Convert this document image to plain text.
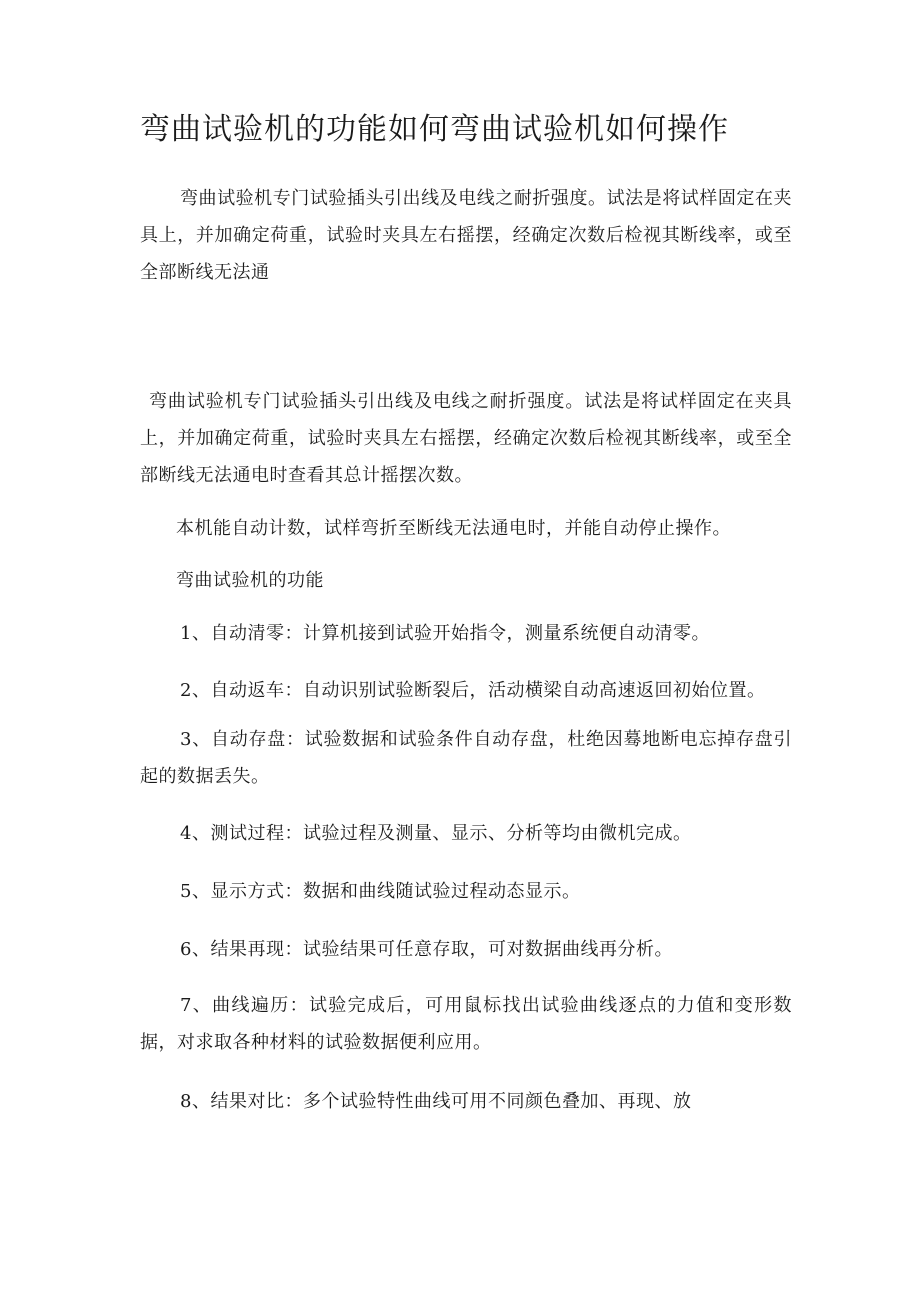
弯曲试验机的功能如何弯曲试验机如何操作

弯曲试验机专门试验插头引出线及电线之耐折强度。试法是将试样固定在夹具上，并加确定荷重，试验时夹具左右摇摆，经确定次数后检视其断线率，或至全部断线无法通

弯曲试验机专门试验插头引出线及电线之耐折强度。试法是将试样固定在夹具上，并加确定荷重，试验时夹具左右摇摆，经确定次数后检视其断线率，或至全部断线无法通电时查看其总计摇摆次数。

本机能自动计数，试样弯折至断线无法通电时，并能自动停止操作。

弯曲试验机的功能

1、自动清零：计算机接到试验开始指令，测量系统便自动清零。

2、自动返车：自动识别试验断裂后，活动横梁自动高速返回初始位置。

3、自动存盘：试验数据和试验条件自动存盘，杜绝因蓦地断电忘掉存盘引起的数据丢失。

4、测试过程：试验过程及测量、显示、分析等均由微机完成。

5、显示方式：数据和曲线随试验过程动态显示。

6、结果再现：试验结果可任意存取，可对数据曲线再分析。

7、曲线遍历：试验完成后，可用鼠标找出试验曲线逐点的力值和变形数据，对求取各种材料的试验数据便利应用。

8、结果对比：多个试验特性曲线可用不同颜色叠加、再现、放
